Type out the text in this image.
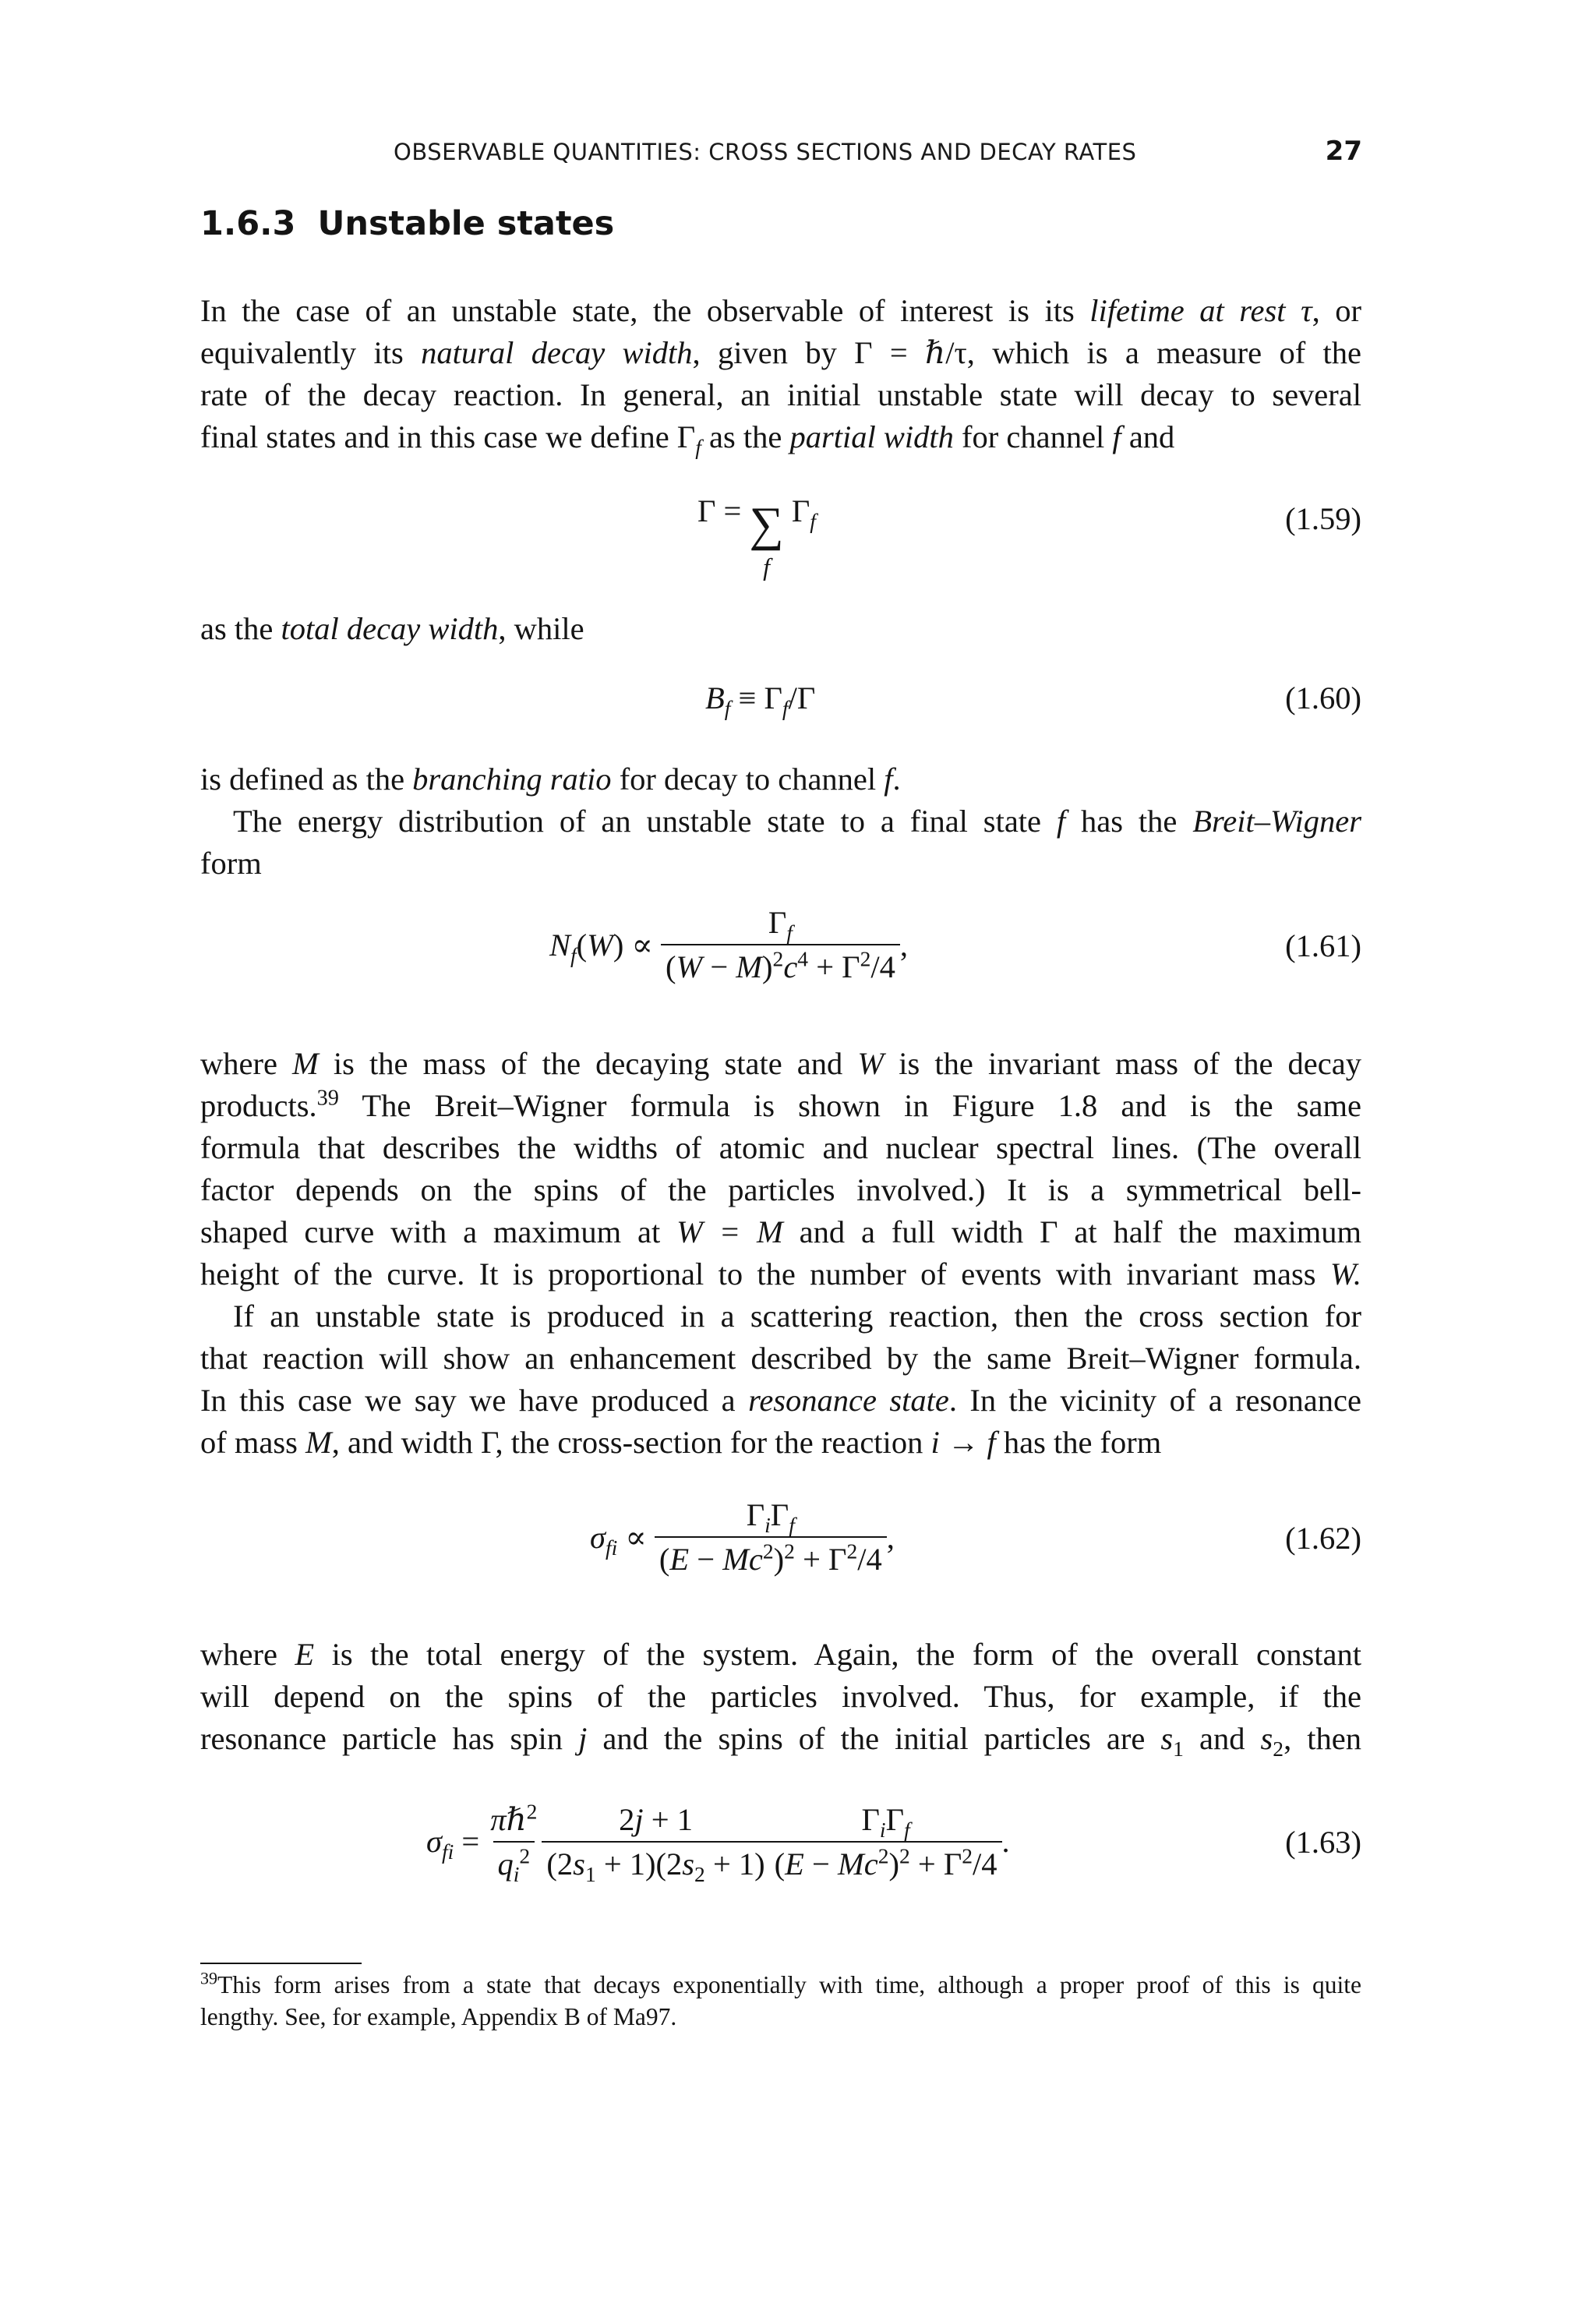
OBSERVABLE QUANTITIES: CROSS SECTIONS AND DECAY RATES	27
1.6.3 Unstable states
In the case of an unstable state, the observable of interest is its lifetime at rest τ, or
equivalently its natural decay width, given by Γ = ℏ/τ, which is a measure of the
rate of the decay reaction. In general, an initial unstable state will decay to several
final states and in this case we define $\Gamma_f$ as the partial width for channel f and
Γ = ∑
f
$\Gamma_f$	(1.59)
as the total decay width, while
$B_f \equiv \Gamma_f/\Gamma$	(1.60)
is defined as the branching ratio for decay to channel f.
The energy distribution of an unstable state to a final state f has the Breit–Wigner
form
$N_f(W) \propto \frac{\Gamma_f}{(W - M)^2c^4 + \Gamma^2/4}$ ,	(1.61)
where M is the mass of the decaying state and W is the invariant mass of the decay
products.$^{39}$ The Breit–Wigner formula is shown in Figure 1.8 and is the same
formula that describes the widths of atomic and nuclear spectral lines. (The overall
factor depends on the spins of the particles involved.) It is a symmetrical bell-
shaped curve with a maximum at W = M and a full width Γ at half the maximum
height of the curve. It is proportional to the number of events with invariant mass W.
If an unstable state is produced in a scattering reaction, then the cross section for
that reaction will show an enhancement described by the same Breit–Wigner formula.
In this case we say we have produced a resonance state. In the vicinity of a resonance
of mass M, and width Γ, the cross-section for the reaction i → f has the form
$\sigma_{fi} \propto \frac{\Gamma_i\Gamma_f}{(E - Mc^2)^2 + \Gamma^2/4}$ ,	(1.62)
where E is the total energy of the system. Again, the form of the overall constant
will depend on the spins of the particles involved. Thus, for example, if the
resonance particle has spin j and the spins of the initial particles are $s_1$ and $s_2$, then
$\sigma_{fi} = \frac{\pi\hbar^2}{q_i^2} \frac{2j + 1}{(2s_1 + 1)(2s_2 + 1)} \frac{\Gamma_i\Gamma_f}{(E - Mc^2)^2 + \Gamma^2/4}$ .	(1.63)
$^{39}$This form arises from a state that decays exponentially with time, although a proper proof of this is quite
lengthy. See, for example, Appendix B of Ma97.
